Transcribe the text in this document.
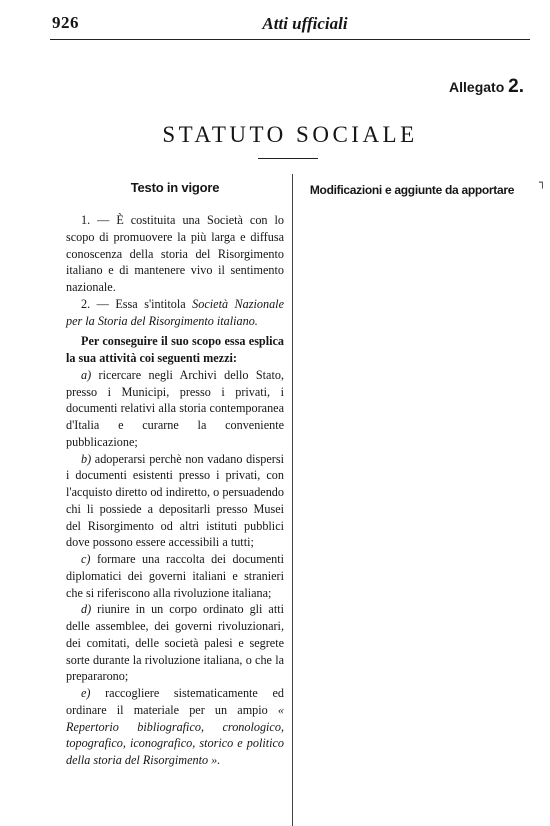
926	Atti ufficiali
Allegato 2.
STATUTO SOCIALE
Testo in vigore	Modificazioni e aggiunte da apportare
┐

1. — È costituita una Società con lo scopo di promuovere la più larga e diffusa conoscenza della storia del Risorgimento italiano e di mantenere vivo il sentimento nazionale.

2. — Essa s'intitola Società Nazionale per la Storia del Risorgimento italiano.

Per conseguire il suo scopo essa esplica la sua attività coi seguenti mezzi:

a) ricercare negli Archivi dello Stato, presso i Municipi, presso i privati, i documenti relativi alla storia contemporanea d'Italia e curarne la conveniente pubblicazione;

b) adoperarsi perchè non vadano dispersi i documenti esistenti presso i privati, con l'acquisto diretto od indiretto, o persuadendo chi li possiede a depositarli presso Musei del Risorgimento od altri istituti pubblici dove possono essere accessibili a tutti;

c) formare una raccolta dei documenti diplomatici dei governi italiani e stranieri che si riferiscono alla rivoluzione italiana;

d) riunire in un corpo ordinato gli atti delle assemblee, dei governi rivoluzionari, dei comitati, delle società palesi e segrete sorte durante la rivoluzione italiana, o che la prepararono;

e) raccogliere sistematicamente ed ordinare il materiale per un ampio « Repertorio bibliografico, cronologico, topografico, iconografico, storico e politico della storia del Risorgimento ».
